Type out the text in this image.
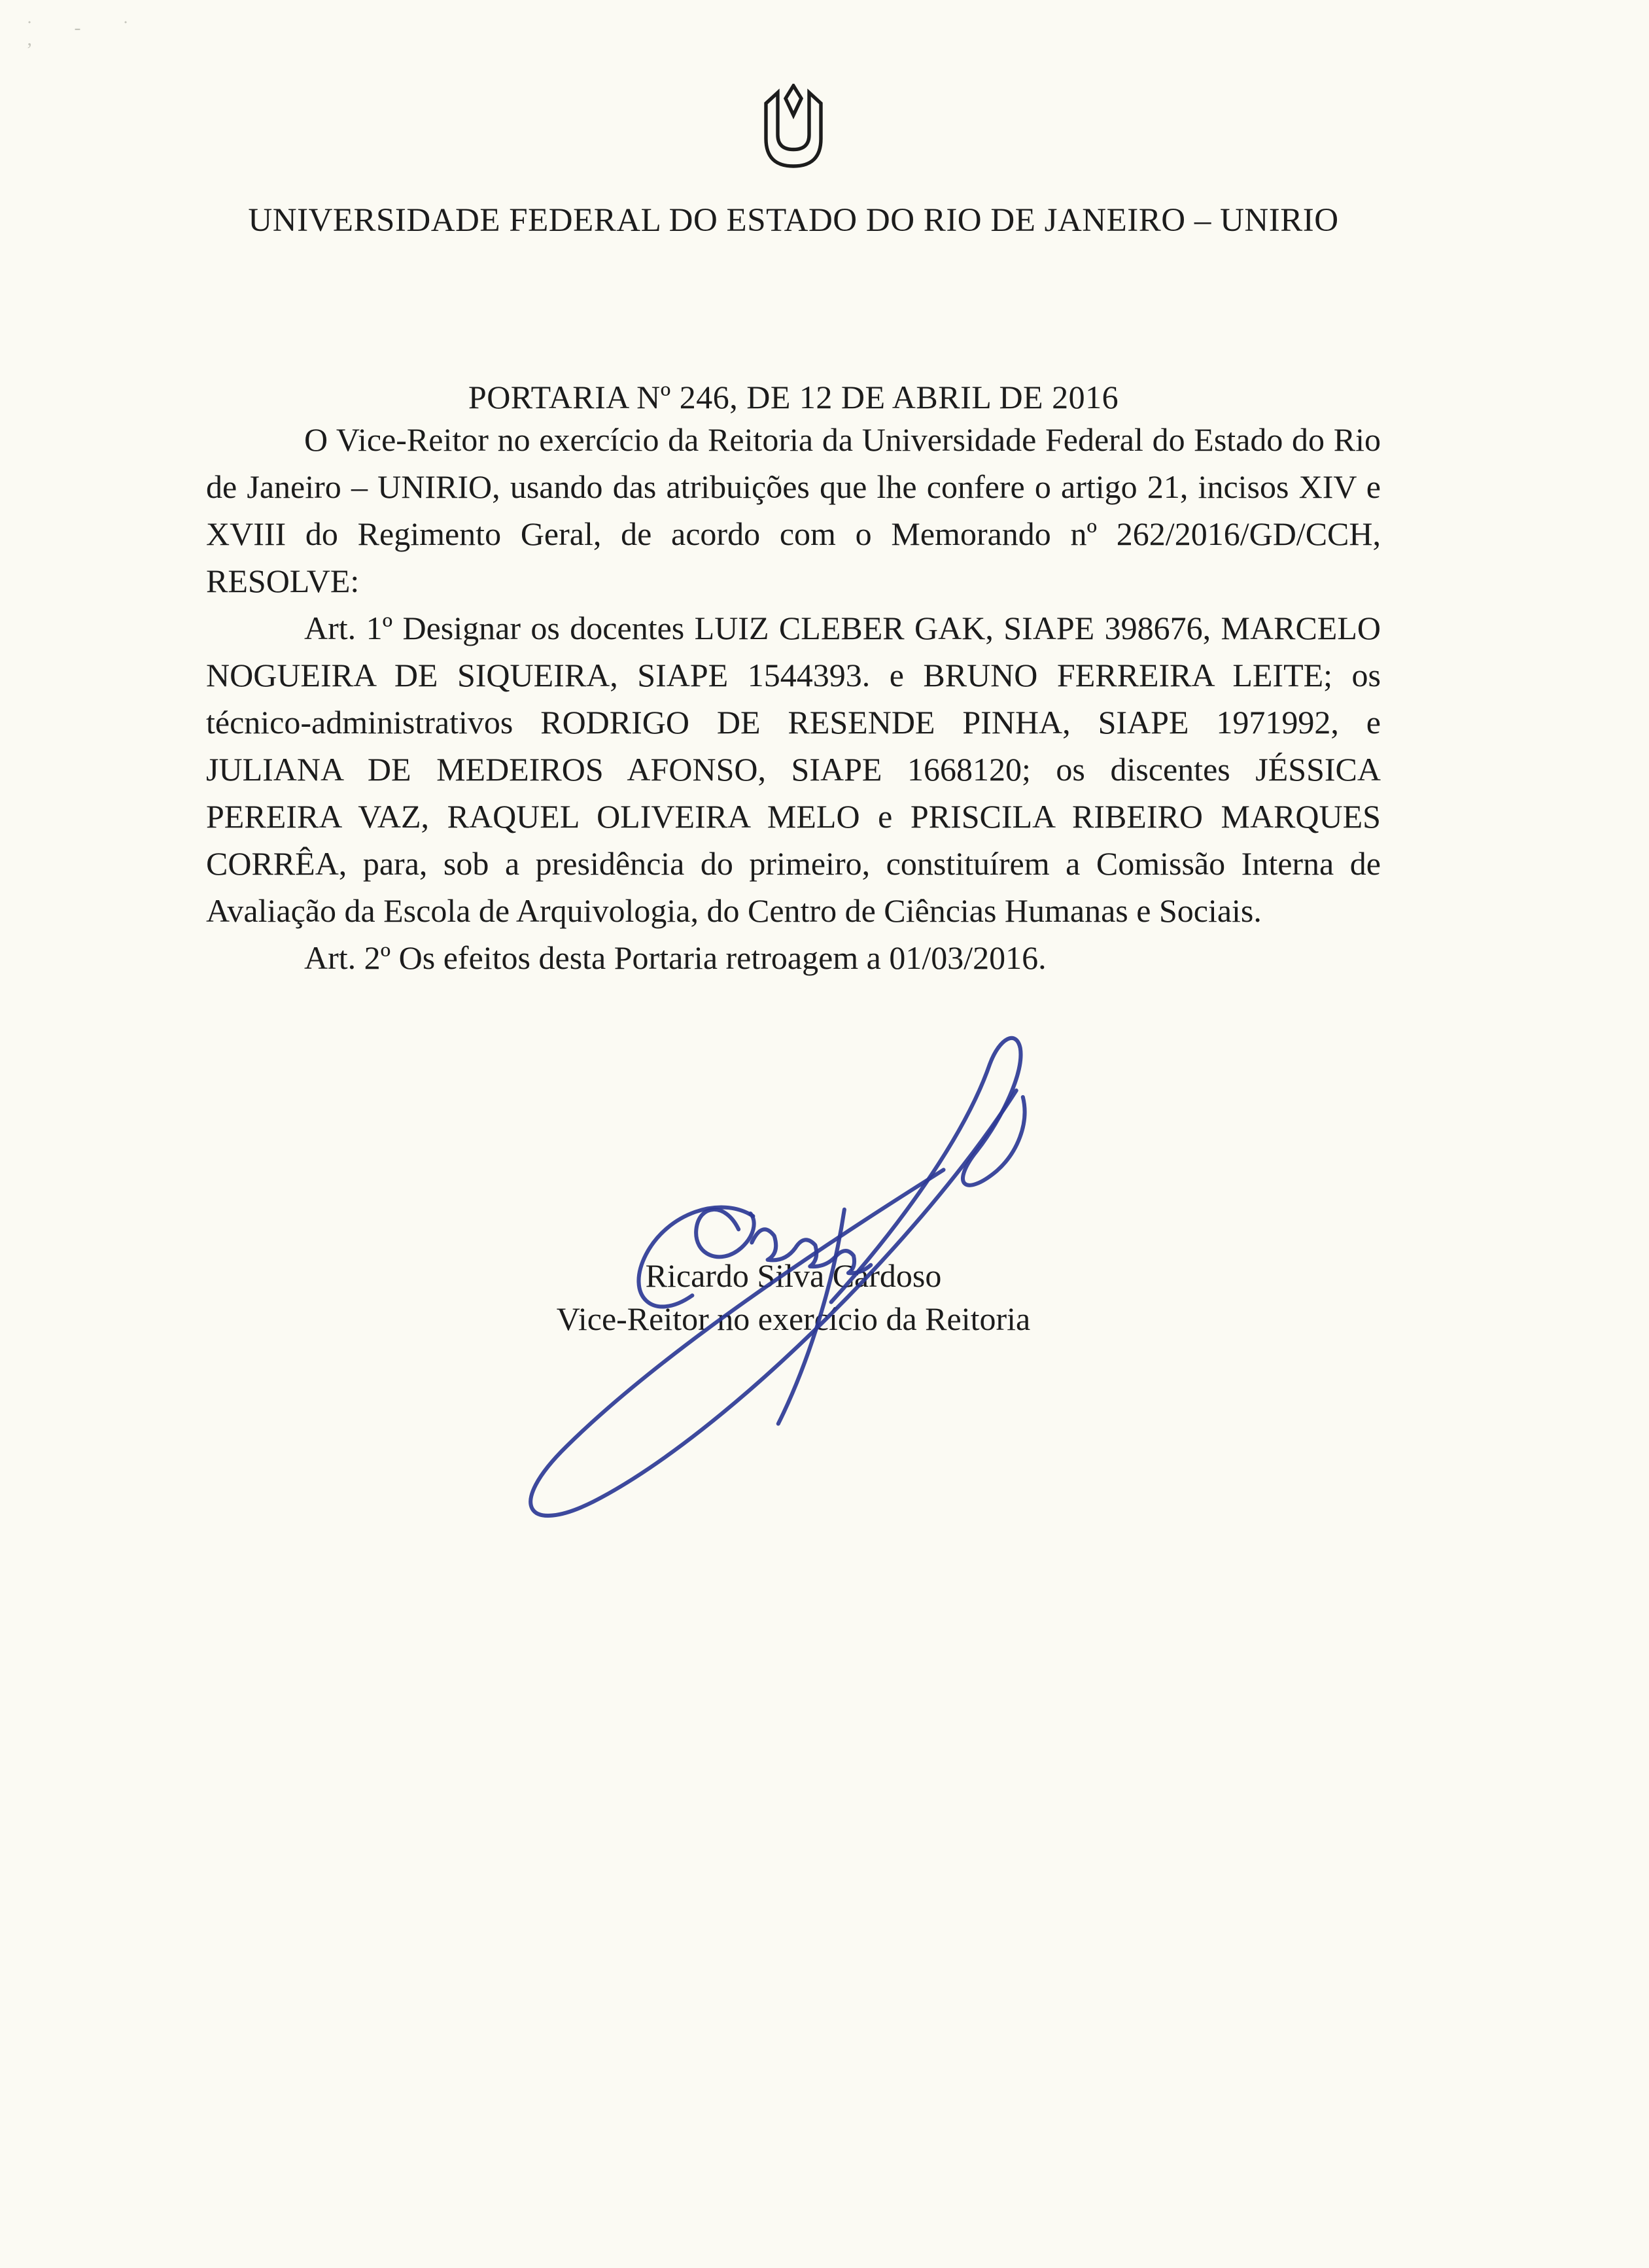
˙ ‐ ˙ ʼ
UNIVERSIDADE FEDERAL DO ESTADO DO RIO DE JANEIRO – UNIRIO
PORTARIA Nº 246, DE 12 DE ABRIL DE 2016

O Vice-Reitor no exercício da Reitoria da Universidade Federal do Estado do Rio de Janeiro – UNIRIO, usando das atribuições que lhe confere o artigo 21, incisos XIV e XVIII do Regimento Geral, de acordo com o Memorando nº 262/2016/GD/CCH, RESOLVE:

Art. 1º Designar os docentes LUIZ CLEBER GAK, SIAPE 398676, MARCELO NOGUEIRA DE SIQUEIRA, SIAPE 1544393. e BRUNO FERREIRA LEITE; os técnico-administrativos RODRIGO DE RESENDE PINHA, SIAPE 1971992, e JULIANA DE MEDEIROS AFONSO, SIAPE 1668120; os discentes JÉSSICA PEREIRA VAZ, RAQUEL OLIVEIRA MELO e PRISCILA RIBEIRO MARQUES CORRÊA, para, sob a presidência do primeiro, constituírem a Comissão Interna de Avaliação da Escola de Arquivologia, do Centro de Ciências Humanas e Sociais.

Art. 2º Os efeitos desta Portaria retroagem a 01/03/2016.

Ricardo Silva Cardoso
Vice-Reitor no exercício da Reitoria
